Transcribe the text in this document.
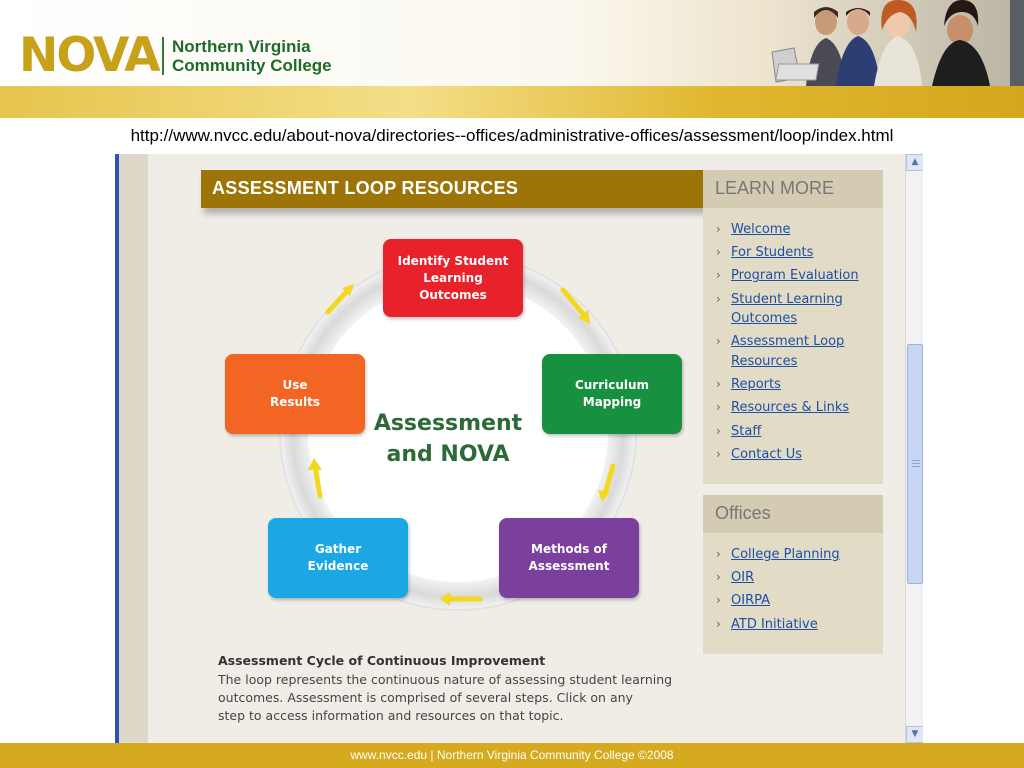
NOVA Northern Virginia
Community College
http://www.nvcc.edu/about-nova/directories--offices/administrative-offices/assessment/loop/index.html
ASSESSMENT LOOP RESOURCES
Identify Student
Learning
Outcomes
Curriculum
Mapping
Methods of
Assessment
Gather
Evidence
Use
Results
Assessment
and NOVA
Assessment Cycle of Continuous Improvement
The loop represents the continuous nature of assessing student learning
outcomes. Assessment is comprised of several steps. Click on any
step to access information and resources on that topic.
LEARN MORE
› Welcome
› For Students
› Program Evaluation
› Student Learning Outcomes
› Assessment Loop Resources
› Reports
› Resources & Links
› Staff
› Contact Us
Offices
› College Planning
› OIR
› OIRPA
› ATD Initiative
▲
▼
www.nvcc.edu | Northern Virginia Community College ©2008
